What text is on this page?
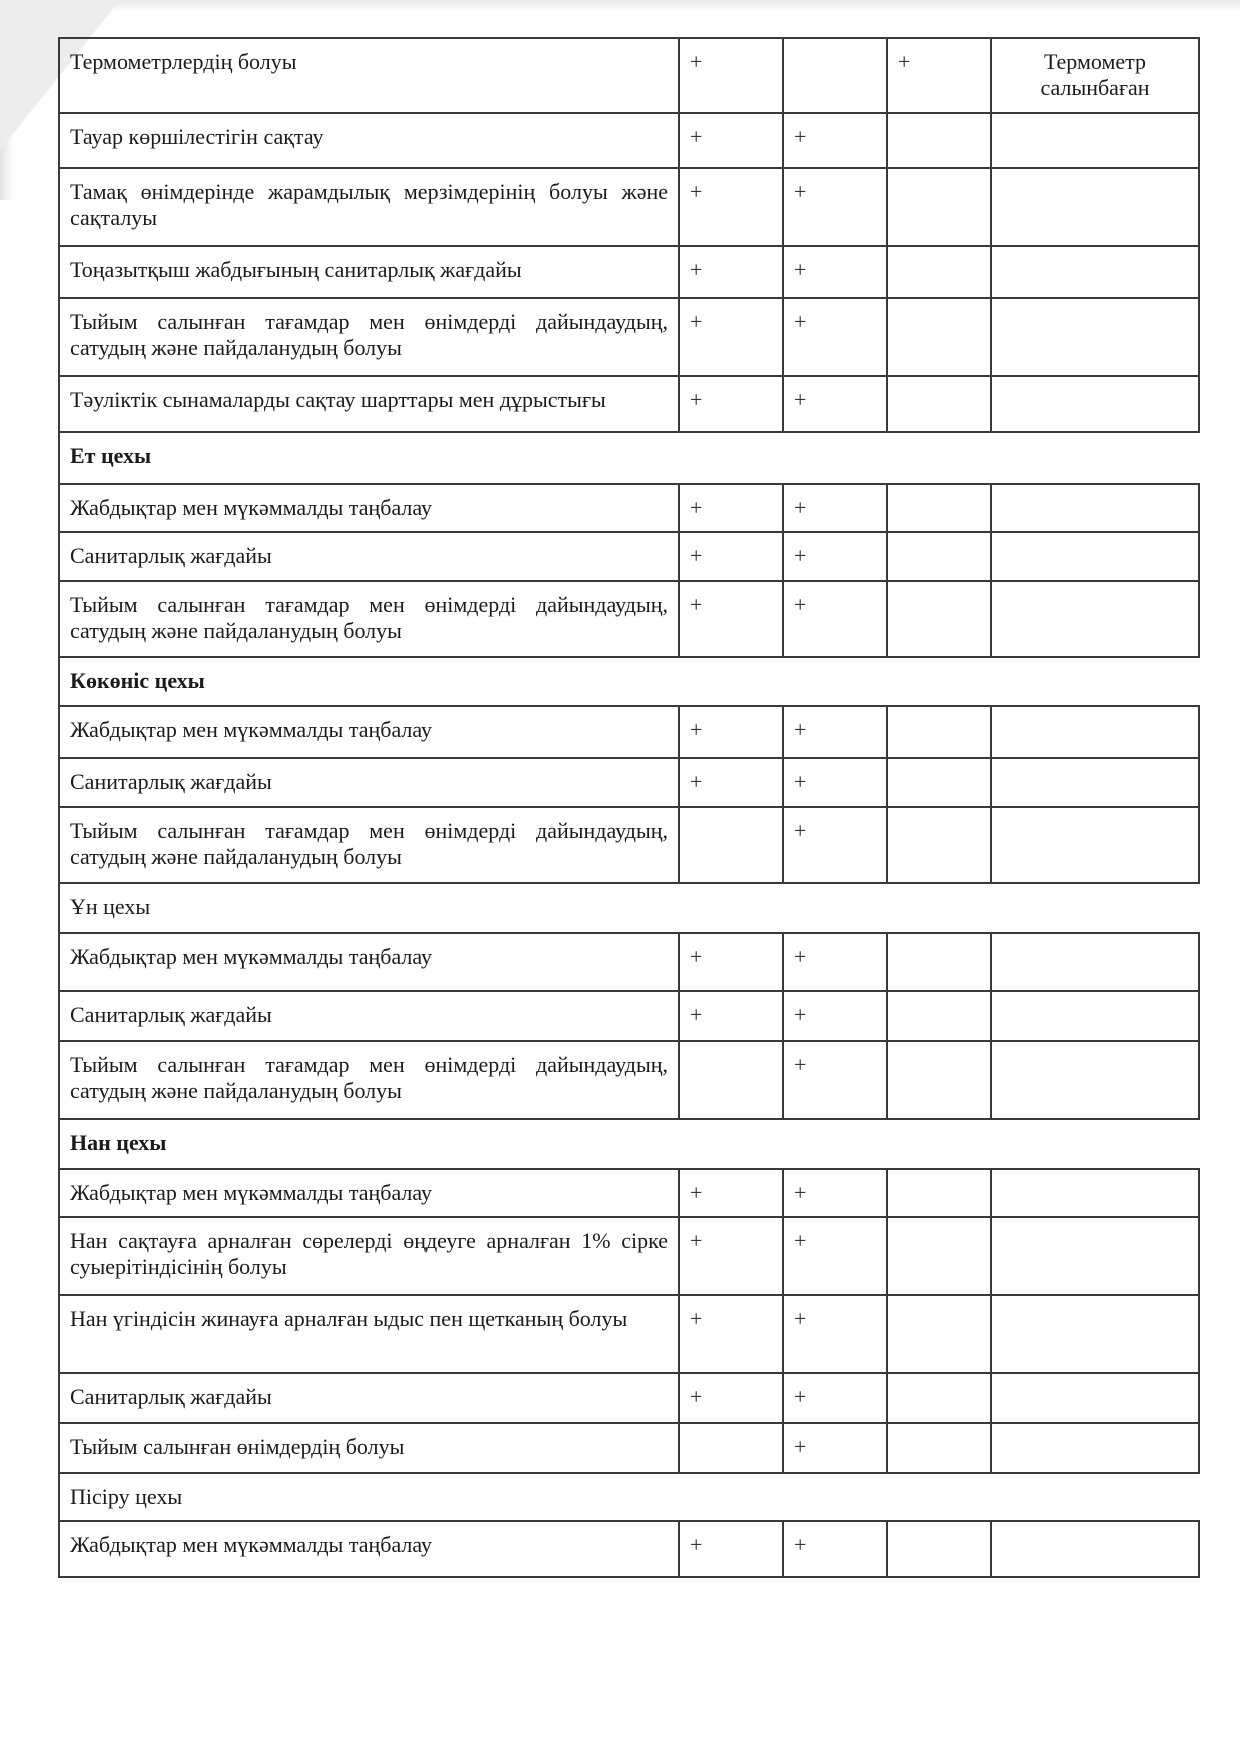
Термометрлердің болуы	+		+	Термометр салынбаған
Тауар көршілестігін сақтау	+	+		
Тамақ өнімдерінде жарамдылық мерзімдерінің болуы және сақталуы	+	+		
Тоңазытқыш жабдығының санитарлық жағдайы	+	+		
Тыйым салынған тағамдар мен өнімдерді дайындаудың, сатудың және пайдаланудың болуы	+	+		
Тәуліктік сынамаларды сақтау шарттары мен дұрыстығы	+	+		
Ет цехы				
Жабдықтар мен мүкәммалды таңбалау	+	+		
Санитарлық жағдайы	+	+		
Тыйым салынған тағамдар мен өнімдерді дайындаудың, сатудың және пайдаланудың болуы	+	+		
Көкөніс цехы				
Жабдықтар мен мүкәммалды таңбалау	+	+		
Санитарлық жағдайы	+	+		
Тыйым салынған тағамдар мен өнімдерді дайындаудың, сатудың және пайдаланудың болуы		+		
Ұн цехы				
Жабдықтар мен мүкәммалды таңбалау	+	+		
Санитарлық жағдайы	+	+		
Тыйым салынған тағамдар мен өнімдерді дайындаудың, сатудың және пайдаланудың болуы		+		
Нан цехы				
Жабдықтар мен мүкәммалды таңбалау	+	+		
Нан сақтауға арналған сөрелерді өңдеуге арналған 1% сірке суыерітіндісінің болуы	+	+		
Нан үгіндісін жинауға арналған ыдыс пен щетканың болуы	+	+		
Санитарлық жағдайы	+	+		
Тыйым салынған өнімдердің болуы		+		
Пісіру цехы				
Жабдықтар мен мүкәммалды таңбалау	+	+		
